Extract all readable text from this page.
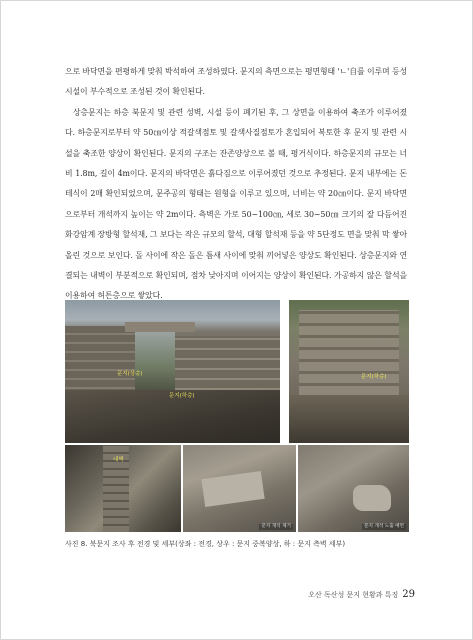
으로 바닥면을 편평하게 맞춰 박석하여 조성하였다. 문지의 측면으로는 평면형태 'ㄴ'自를 이루며 등성시설이 부수적으로 조성된 것이 확인된다.

상층문지는 하층 북문지 및 관련 성벽, 시설 등이 폐기된 후, 그 상면을 이용하여 축조가 이루어졌다. 하층문지로부터 약 50㎝이상 적갈색점토 및 갈색사질점토가 혼입되어 복토한 후 문지 및 관련 시설을 축조한 양상이 확인된다. 문지의 구조는 잔존양상으로 볼 때, 평거식이다. 하층문지의 규모는 너비 1.8m, 길이 4m이다. 문지의 바닥면은 흙다짐으로 이루어졌던 것으로 추정된다. 문지 내부에는 돈테식이 2매 확인되었으며, 문주공의 형태는 원형을 이루고 있으며, 너비는 약 20㎝이다. 문지 바닥면으로부터 개석까지 높이는 약 2m이다. 측벽은 가로 50~100㎝, 세로 30~50㎝ 크기의 잘 다듬어진 화강암계 장방형 할석재, 그 보다는 작은 규모의 할석, 대형 할석재 등을 약 5단정도 면을 맞춰 막 쌓아올린 것으로 보인다. 돌 사이에 작은 돌은 틈새 사이에 맞춰 끼어넣은 양상도 확인된다. 상층문지와 연결되는 내벽이 부분적으로 확인되며, 점차 낮아지며 이어지는 양상이 확인된다. 가공하지 않은 할석을 이용하여 허튼층으로 쌓았다.

문지(상층)
문지(하층)
문지(하층)
내벽
문지 개석 제거	문지 개석 노출 배면
사진 8. 북문지 조사 후 전경 및 세부(상좌 : 전경, 상우 : 문지 중복양상, 하 : 문지 측벽 세부)
오산 독산성 문지 현황과 특징 29
